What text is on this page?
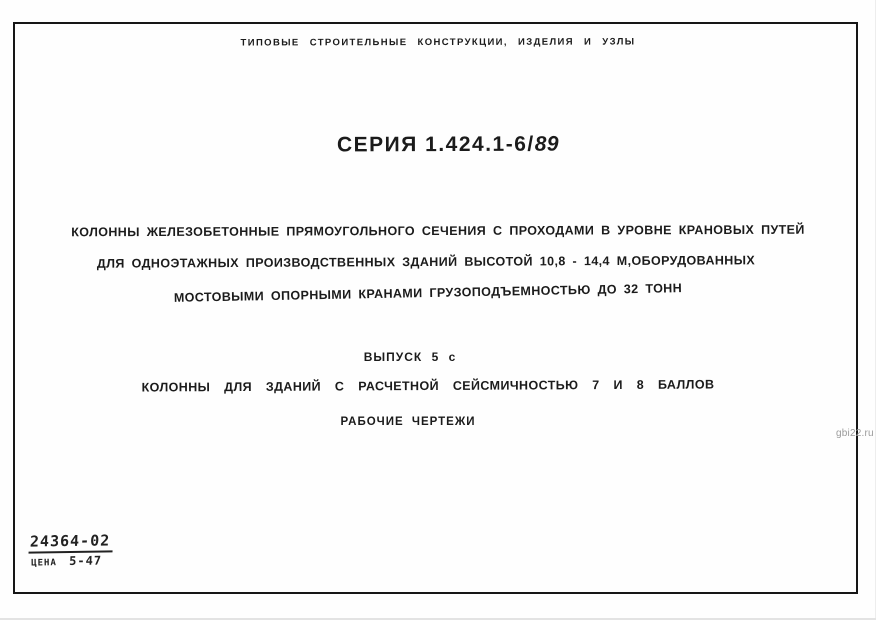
ТИПОВЫЕ СТРОИТЕЛЬНЫЕ КОНСТРУКЦИИ, ИЗДЕЛИЯ И УЗЛЫ
СЕРИЯ 1.424.1-6/89
КОЛОННЫ ЖЕЛЕЗОБЕТОННЫЕ ПРЯМОУГОЛЬНОГО СЕЧЕНИЯ С ПРОХОДАМИ В УРОВНЕ КРАНОВЫХ ПУТЕЙ
ДЛЯ ОДНОЭТАЖНЫХ ПРОИЗВОДСТВЕННЫХ ЗДАНИЙ ВЫСОТОЙ 10,8 - 14,4 М,ОБОРУДОВАННЫХ
МОСТОВЫМИ ОПОРНЫМИ КРАНАМИ ГРУЗОПОДЪЕМНОСТЬЮ ДО 32 ТОНН
ВЫПУСК 5 с
КОЛОННЫ ДЛЯ ЗДАНИЙ С РАСЧЕТНОЙ СЕЙСМИЧНОСТЬЮ 7 И 8 БАЛЛОВ
РАБОЧИЕ ЧЕРТЕЖИ
24364-02
ЦЕНА 5-47
gbi22.ru
